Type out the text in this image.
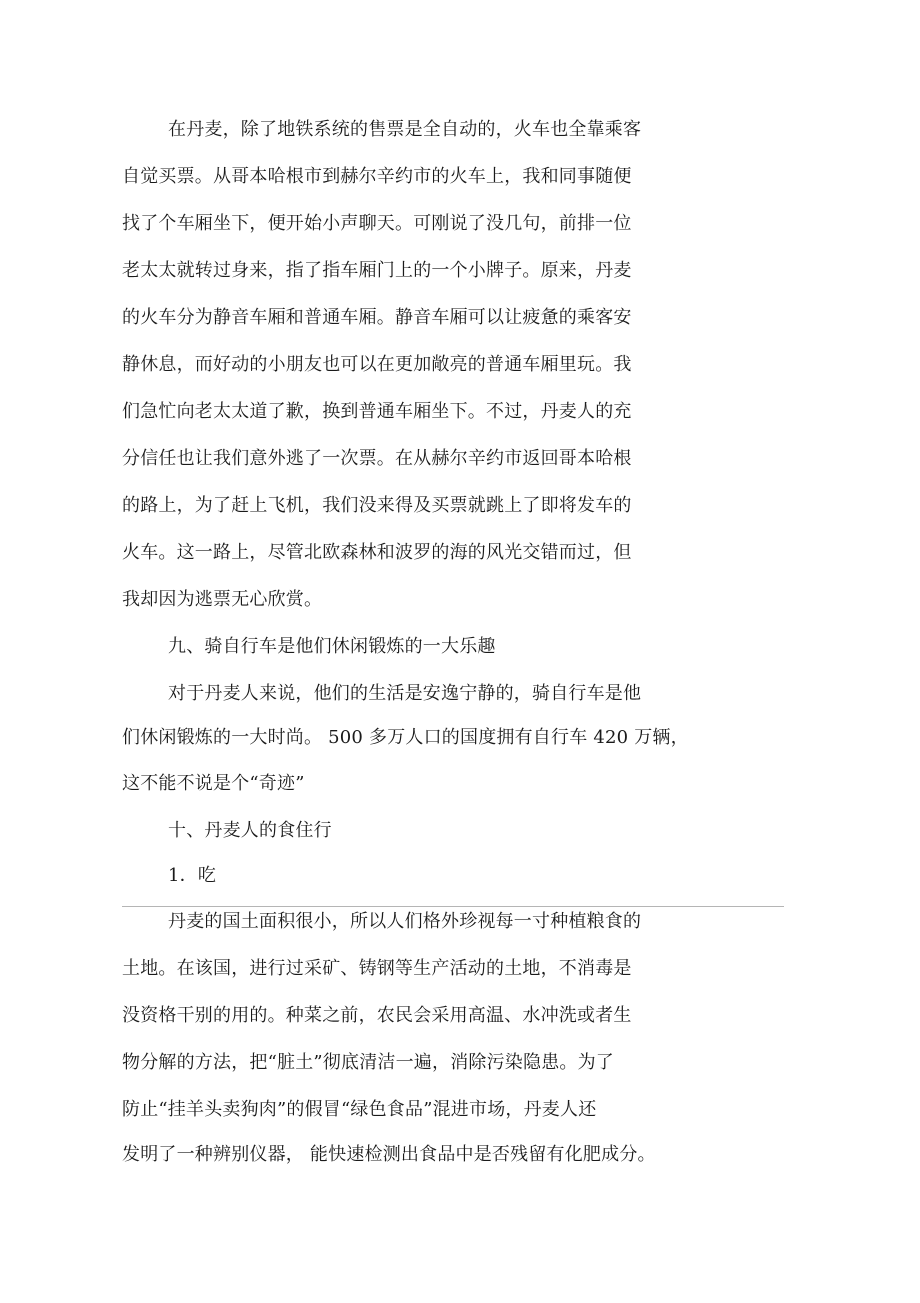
在丹麦，除了地铁系统的售票是全自动的，火车也全靠乘客
自觉买票。从哥本哈根市到赫尔辛约市的火车上，我和同事随便
找了个车厢坐下，便开始小声聊天。可刚说了没几句，前排一位
老太太就转过身来，指了指车厢门上的一个小牌子。原来，丹麦
的火车分为静音车厢和普通车厢。静音车厢可以让疲惫的乘客安
静休息，而好动的小朋友也可以在更加敞亮的普通车厢里玩。我
们急忙向老太太道了歉，换到普通车厢坐下。不过，丹麦人的充
分信任也让我们意外逃了一次票。在从赫尔辛约市返回哥本哈根
的路上，为了赶上飞机，我们没来得及买票就跳上了即将发车的
火车。这一路上，尽管北欧森林和波罗的海的风光交错而过，但
我却因为逃票无心欣赏。
九、骑自行车是他们休闲锻炼的一大乐趣
对于丹麦人来说，他们的生活是安逸宁静的，骑自行车是他
们休闲锻炼的一大时尚。 500 多万人口的国度拥有自行车 420 万辆，
这不能不说是个“奇迹”
十、丹麦人的食住行
1．吃
丹麦的国土面积很小，所以人们格外珍视每一寸种植粮食的
土地。在该国，进行过采矿、铸钢等生产活动的土地，不消毒是
没资格干别的用的。种菜之前，农民会采用高温、水冲洗或者生
物分解的方法，把“脏土”彻底清洁一遍，消除污染隐患。为了
防止“挂羊头卖狗肉”的假冒“绿色食品”混进市场，丹麦人还
发明了一种辨别仪器， 能快速检测出食品中是否残留有化肥成分。
